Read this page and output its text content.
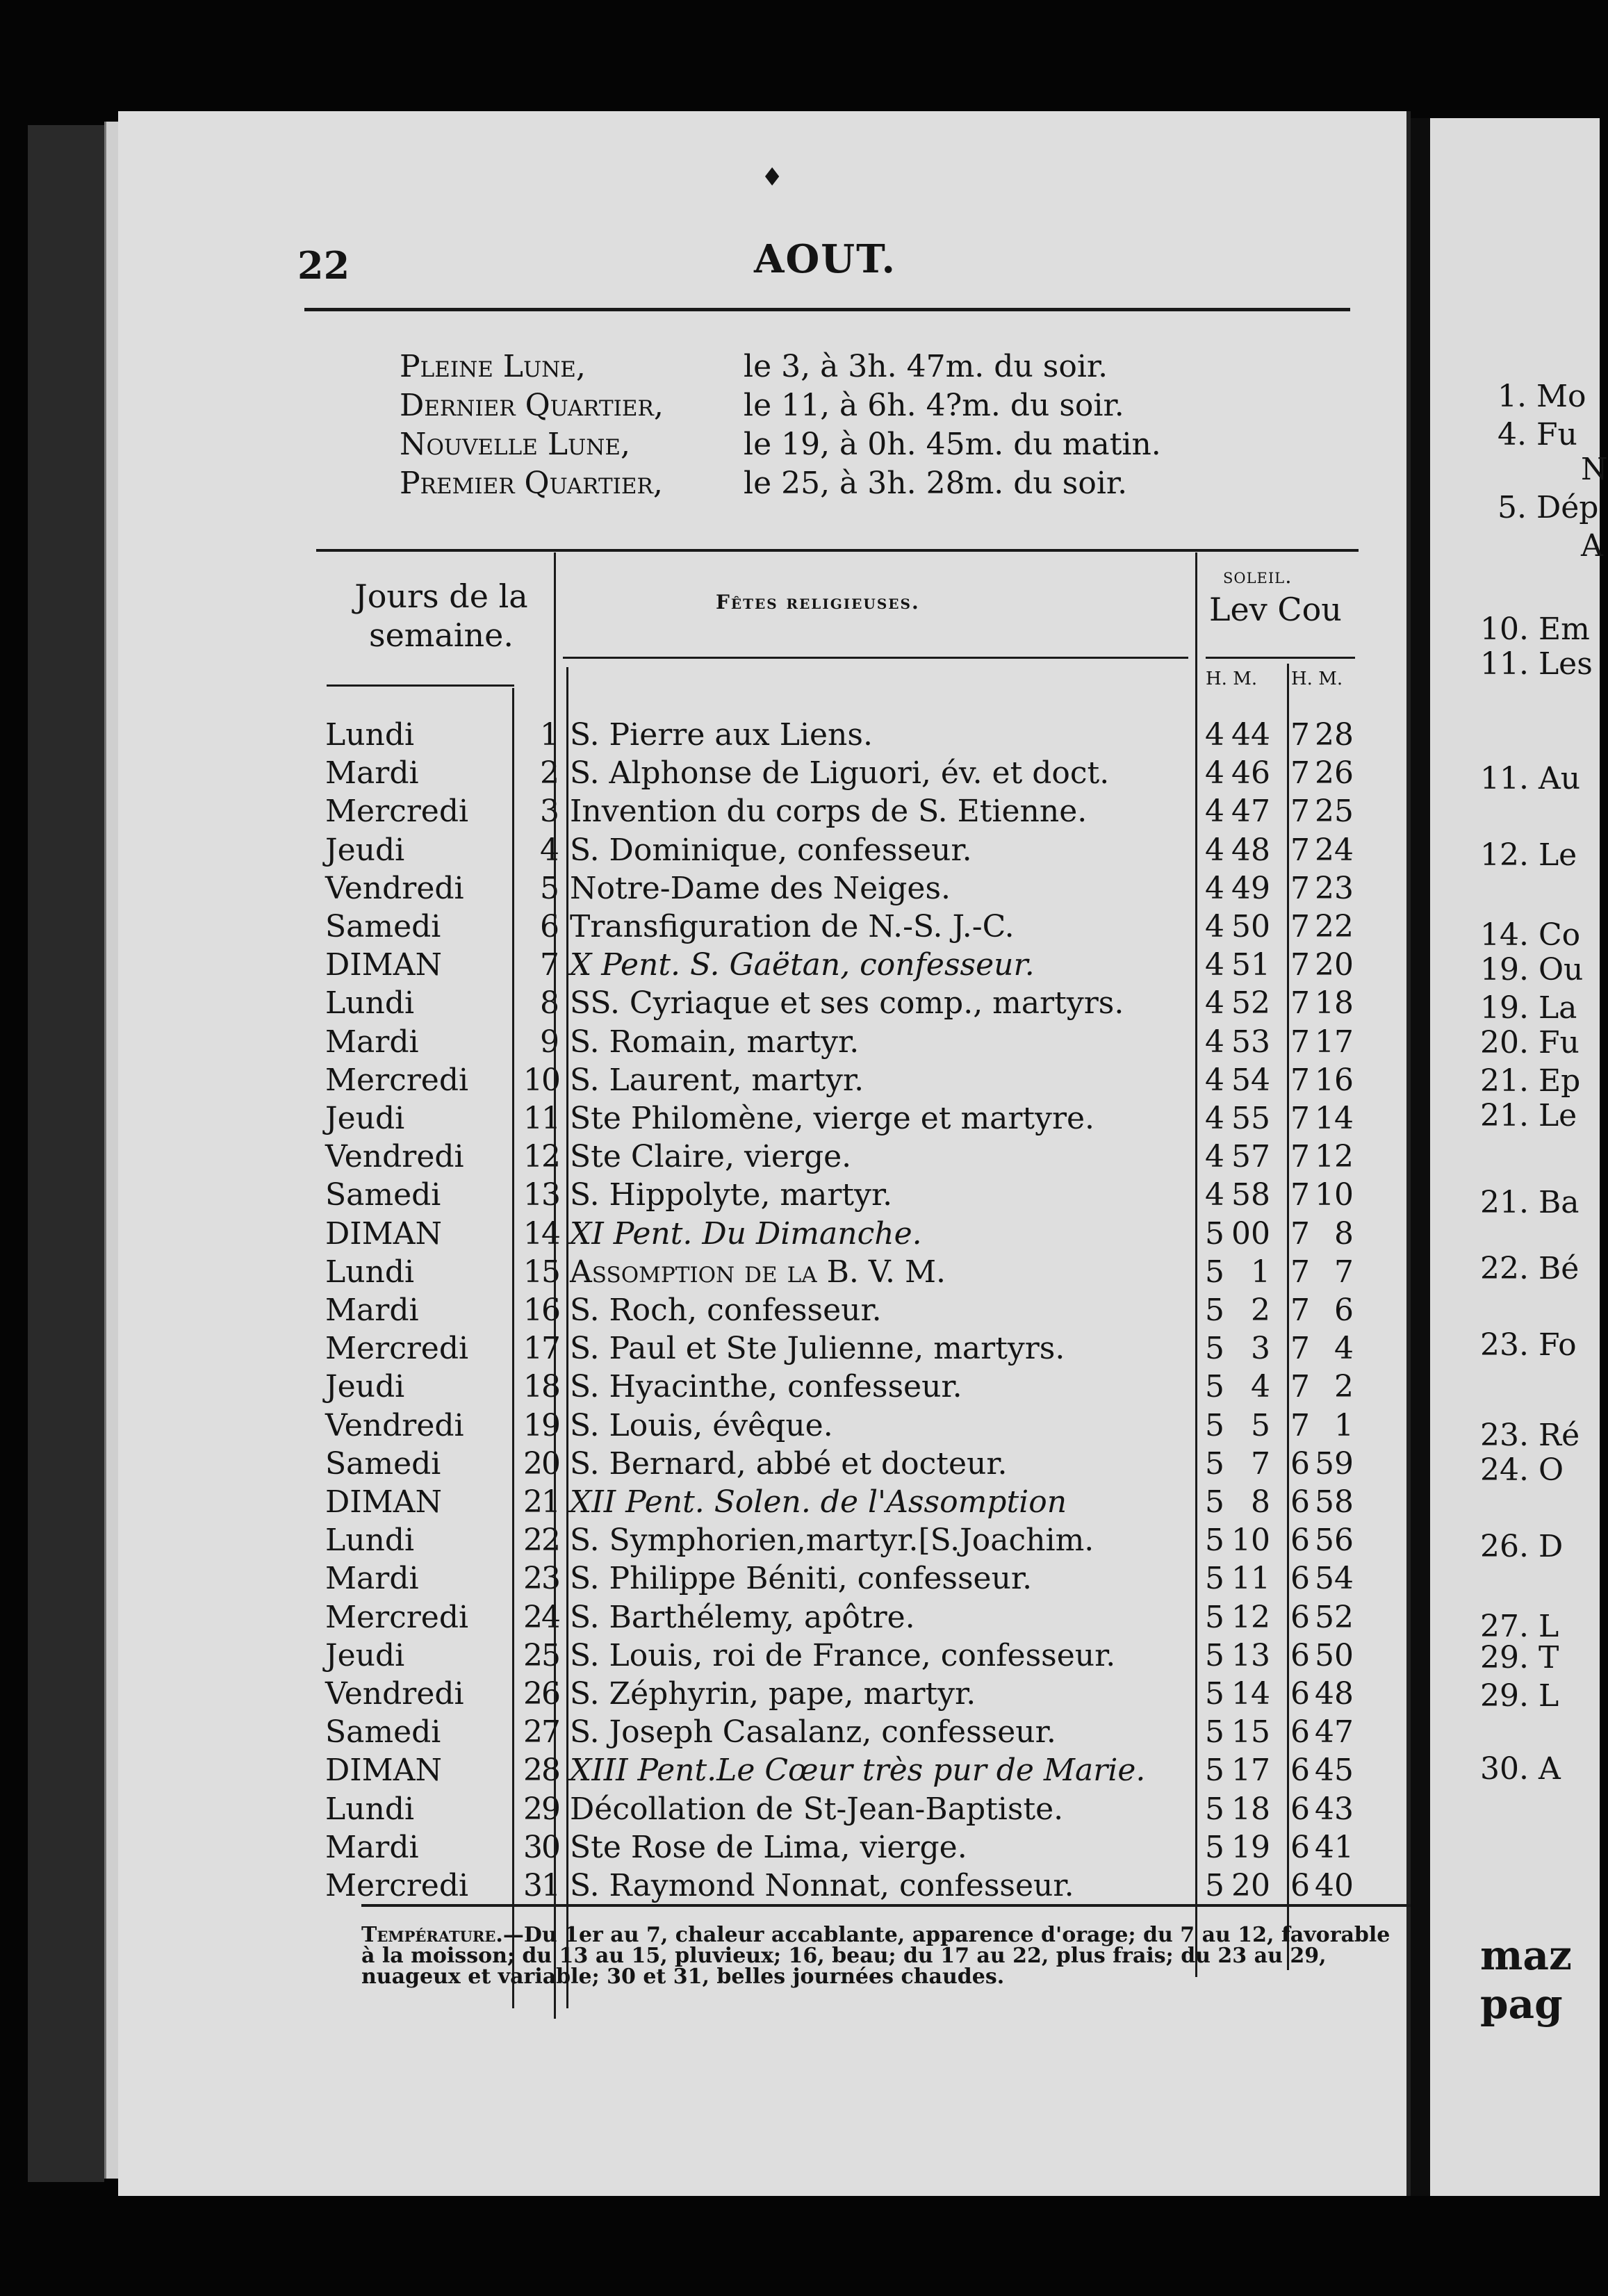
♦
22	AOUT.
Pleine Lune,	le 3, à 3h. 47m. du soir.
Dernier Quartier,	le 11, à 6h. 4?m. du soir.
Nouvelle Lune,	le 19, à 0h. 45m. du matin.
Premier Quartier,	le 25, à 3h. 28m. du soir.
Jours de la semaine.
Fêtes religieuses.
soleil.
Lev Cou
H. M. H. M.
Lundi	1 S. Pierre aux Liens.	4 44 7 28
Mardi	2 S. Alphonse de Liguori, év. et doct.	4 46 7 26
Mercredi	3 Invention du corps de S. Etienne.	4 47 7 25
Jeudi	4 S. Dominique, confesseur.	4 48 7 24
Vendredi	5 Notre-Dame des Neiges.	4 49 7 23
Samedi	6 Transfiguration de N.-S. J.-C.	4 50 7 22
DIMAN	7 X Pent. S. Gaëtan, confesseur.	4 51 7 20
Lundi	8 SS. Cyriaque et ses comp., martyrs.	4 52 7 18
Mardi	9 S. Romain, martyr.	4 53 7 17
Mercredi	10 S. Laurent, martyr.	4 54 7 16
Jeudi	11 Ste Philomène, vierge et martyre.	4 55 7 14
Vendredi	12 Ste Claire, vierge.	4 57 7 12
Samedi	13 S. Hippolyte, martyr.	4 58 7 10
DIMAN	14 XI Pent. Du Dimanche.	5 00 7 8
Lundi	15 Assomption de la B. V. M.	5 1 7 7
Mardi	16 S. Roch, confesseur.	5 2 7 6
Mercredi	17 S. Paul et Ste Julienne, martyrs.	5 3 7 4
Jeudi	18 S. Hyacinthe, confesseur.	5 4 7 2
Vendredi	19 S. Louis, évêque.	5 5 7 1
Samedi	20 S. Bernard, abbé et docteur.	5 7 6 59
DIMAN	21 XII Pent. Solen. de l'Assomption	5 8 6 58
Lundi	22 S. Symphorien,martyr.[S.Joachim.	5 10 6 56
Mardi	23 S. Philippe Béniti, confesseur.	5 11 6 54
Mercredi	24 S. Barthélemy, apôtre.	5 12 6 52
Jeudi	25 S. Louis, roi de France, confesseur.	5 13 6 50
Vendredi	26 S. Zéphyrin, pape, martyr.	5 14 6 48
Samedi	27 S. Joseph Casalanz, confesseur.	5 15 6 47
DIMAN	28 XIII Pent.Le Cœur très pur de Marie. 5 17 6 45
Lundi	29 Décollation de St-Jean-Baptiste.	5 18 6 43
Mardi	30 Ste Rose de Lima, vierge.	5 19 6 41
Mercredi	31 S. Raymond Nonnat, confesseur.	5 20 6 40
Température.—Du 1er au 7, chaleur accablante, apparence d'orage; du 7 au 12, favorable à la moisson; du 13 au 15, pluvieux; 16, beau; du 17 au 22, plus frais; du 23 au 29, nuageux et variable; 30 et 31, belles journées chaudes.
1. Mo
4. Fu
N
5. Dép
A
10. Em
11. Les
11. Au
12. Le
14. Co
19. Ou
19. La
20. Fu
21. Ep
21. Le
21. Ba
22. Bé
23. Fo
23. Ré
24. O
26. D
27. L
29. T
29. L
30. A
maz
pag
